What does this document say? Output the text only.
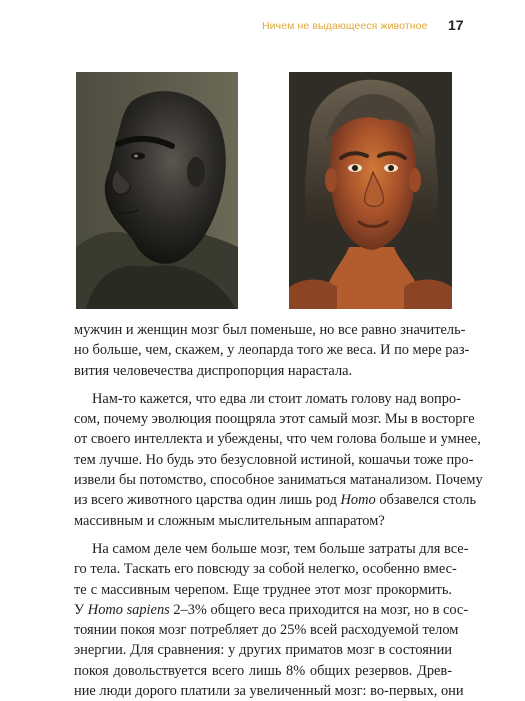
Ничем не выдающееся животное 17
мужчин и женщин мозг был поменьше, но все равно значитель-
но больше, чем, скажем, у леопарда того же веса. И по мере раз-
вития человечества диспропорция нарастала.
Нам-то кажется, что едва ли стоит ломать голову над вопро-
сом, почему эволюция поощряла этот самый мозг. Мы в восторге
от своего интеллекта и убеждены, что чем голова больше и умнее,
тем лучше. Но будь это безусловной истиной, кошачьи тоже про-
извели бы потомство, способное заниматься матанализом. Почему
из всего животного царства один лишь род Homo обзавелся столь
массивным и сложным мыслительным аппаратом?
На самом деле чем больше мозг, тем больше затраты для все-
го тела. Таскать его повсюду за собой нелегко, особенно вмес-
те с массивным черепом. Еще труднее этот мозг прокормить.
У Homo sapiens 2–3% общего веса приходится на мозг, но в сос-
тоянии покоя мозг потребляет до 25% всей расходуемой телом
энергии. Для сравнения: у других приматов мозг в состоянии
покоя довольствуется всего лишь 8% общих резервов. Древ-
ние люди дорого платили за увеличенный мозг: во-первых, они
